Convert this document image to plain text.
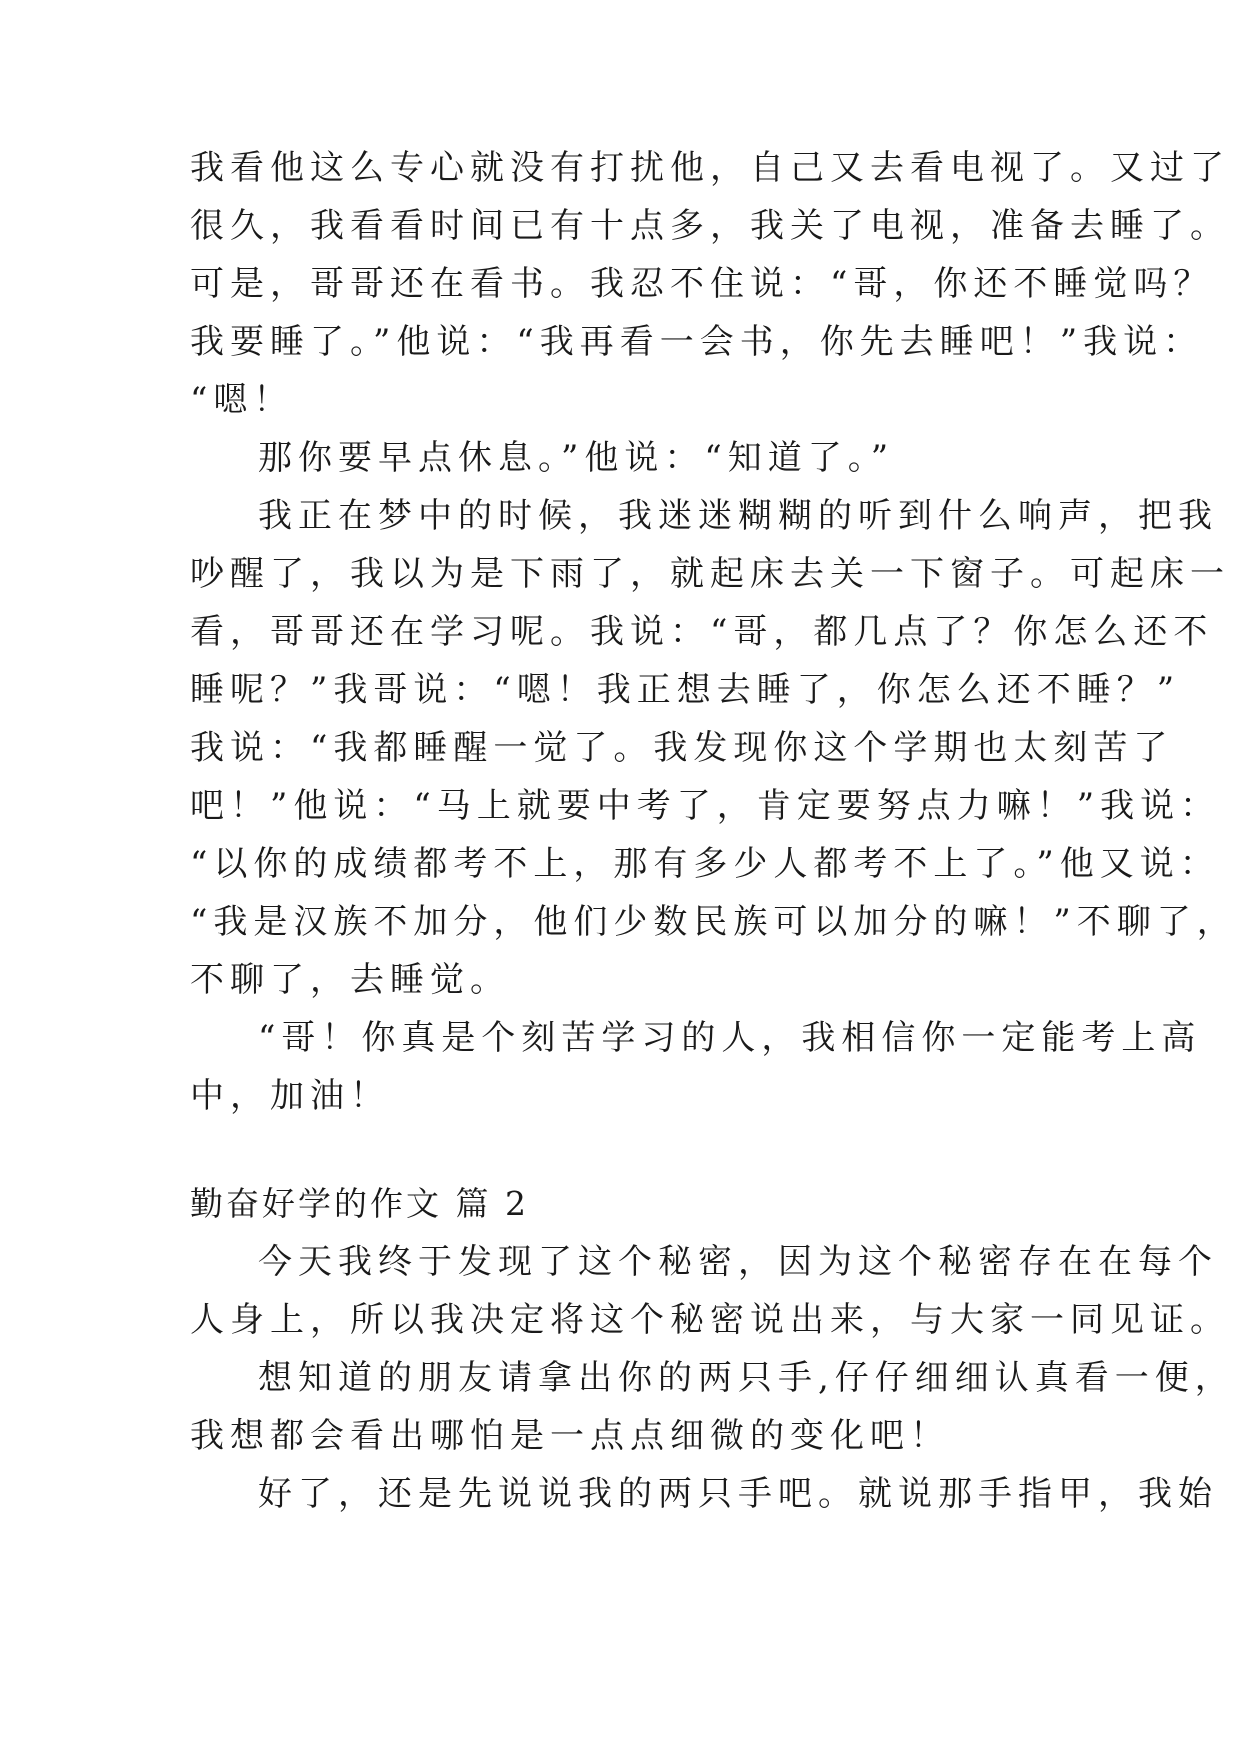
我看他这么专心就没有打扰他，自己又去看电视了。又过了

很久，我看看时间已有十点多，我关了电视，准备去睡了。

可是，哥哥还在看书。我忍不住说：“哥，你还不睡觉吗？

我要睡了。”他说：“我再看一会书，你先去睡吧！”我说：

“嗯！

那你要早点休息。”他说：“知道了。”

我正在梦中的时候，我迷迷糊糊的听到什么响声，把我

吵醒了，我以为是下雨了，就起床去关一下窗子。可起床一

看，哥哥还在学习呢。我说：“哥，都几点了？你怎么还不

睡呢？”我哥说：“嗯！我正想去睡了，你怎么还不睡？”

我说：“我都睡醒一觉了。我发现你这个学期也太刻苦了

吧！”他说：“马上就要中考了，肯定要努点力嘛！”我说：

“以你的成绩都考不上，那有多少人都考不上了。”他又说：

“我是汉族不加分，他们少数民族可以加分的嘛！”不聊了，

不聊了，去睡觉。

“哥！你真是个刻苦学习的人，我相信你一定能考上高

中，加油！

勤奋好学的作文 篇 2

今天我终于发现了这个秘密，因为这个秘密存在在每个

人身上，所以我决定将这个秘密说出来，与大家一同见证。

想知道的朋友请拿出你的两只手,仔仔细细认真看一便，

我想都会看出哪怕是一点点细微的变化吧！

好了，还是先说说我的两只手吧。就说那手指甲，我始
